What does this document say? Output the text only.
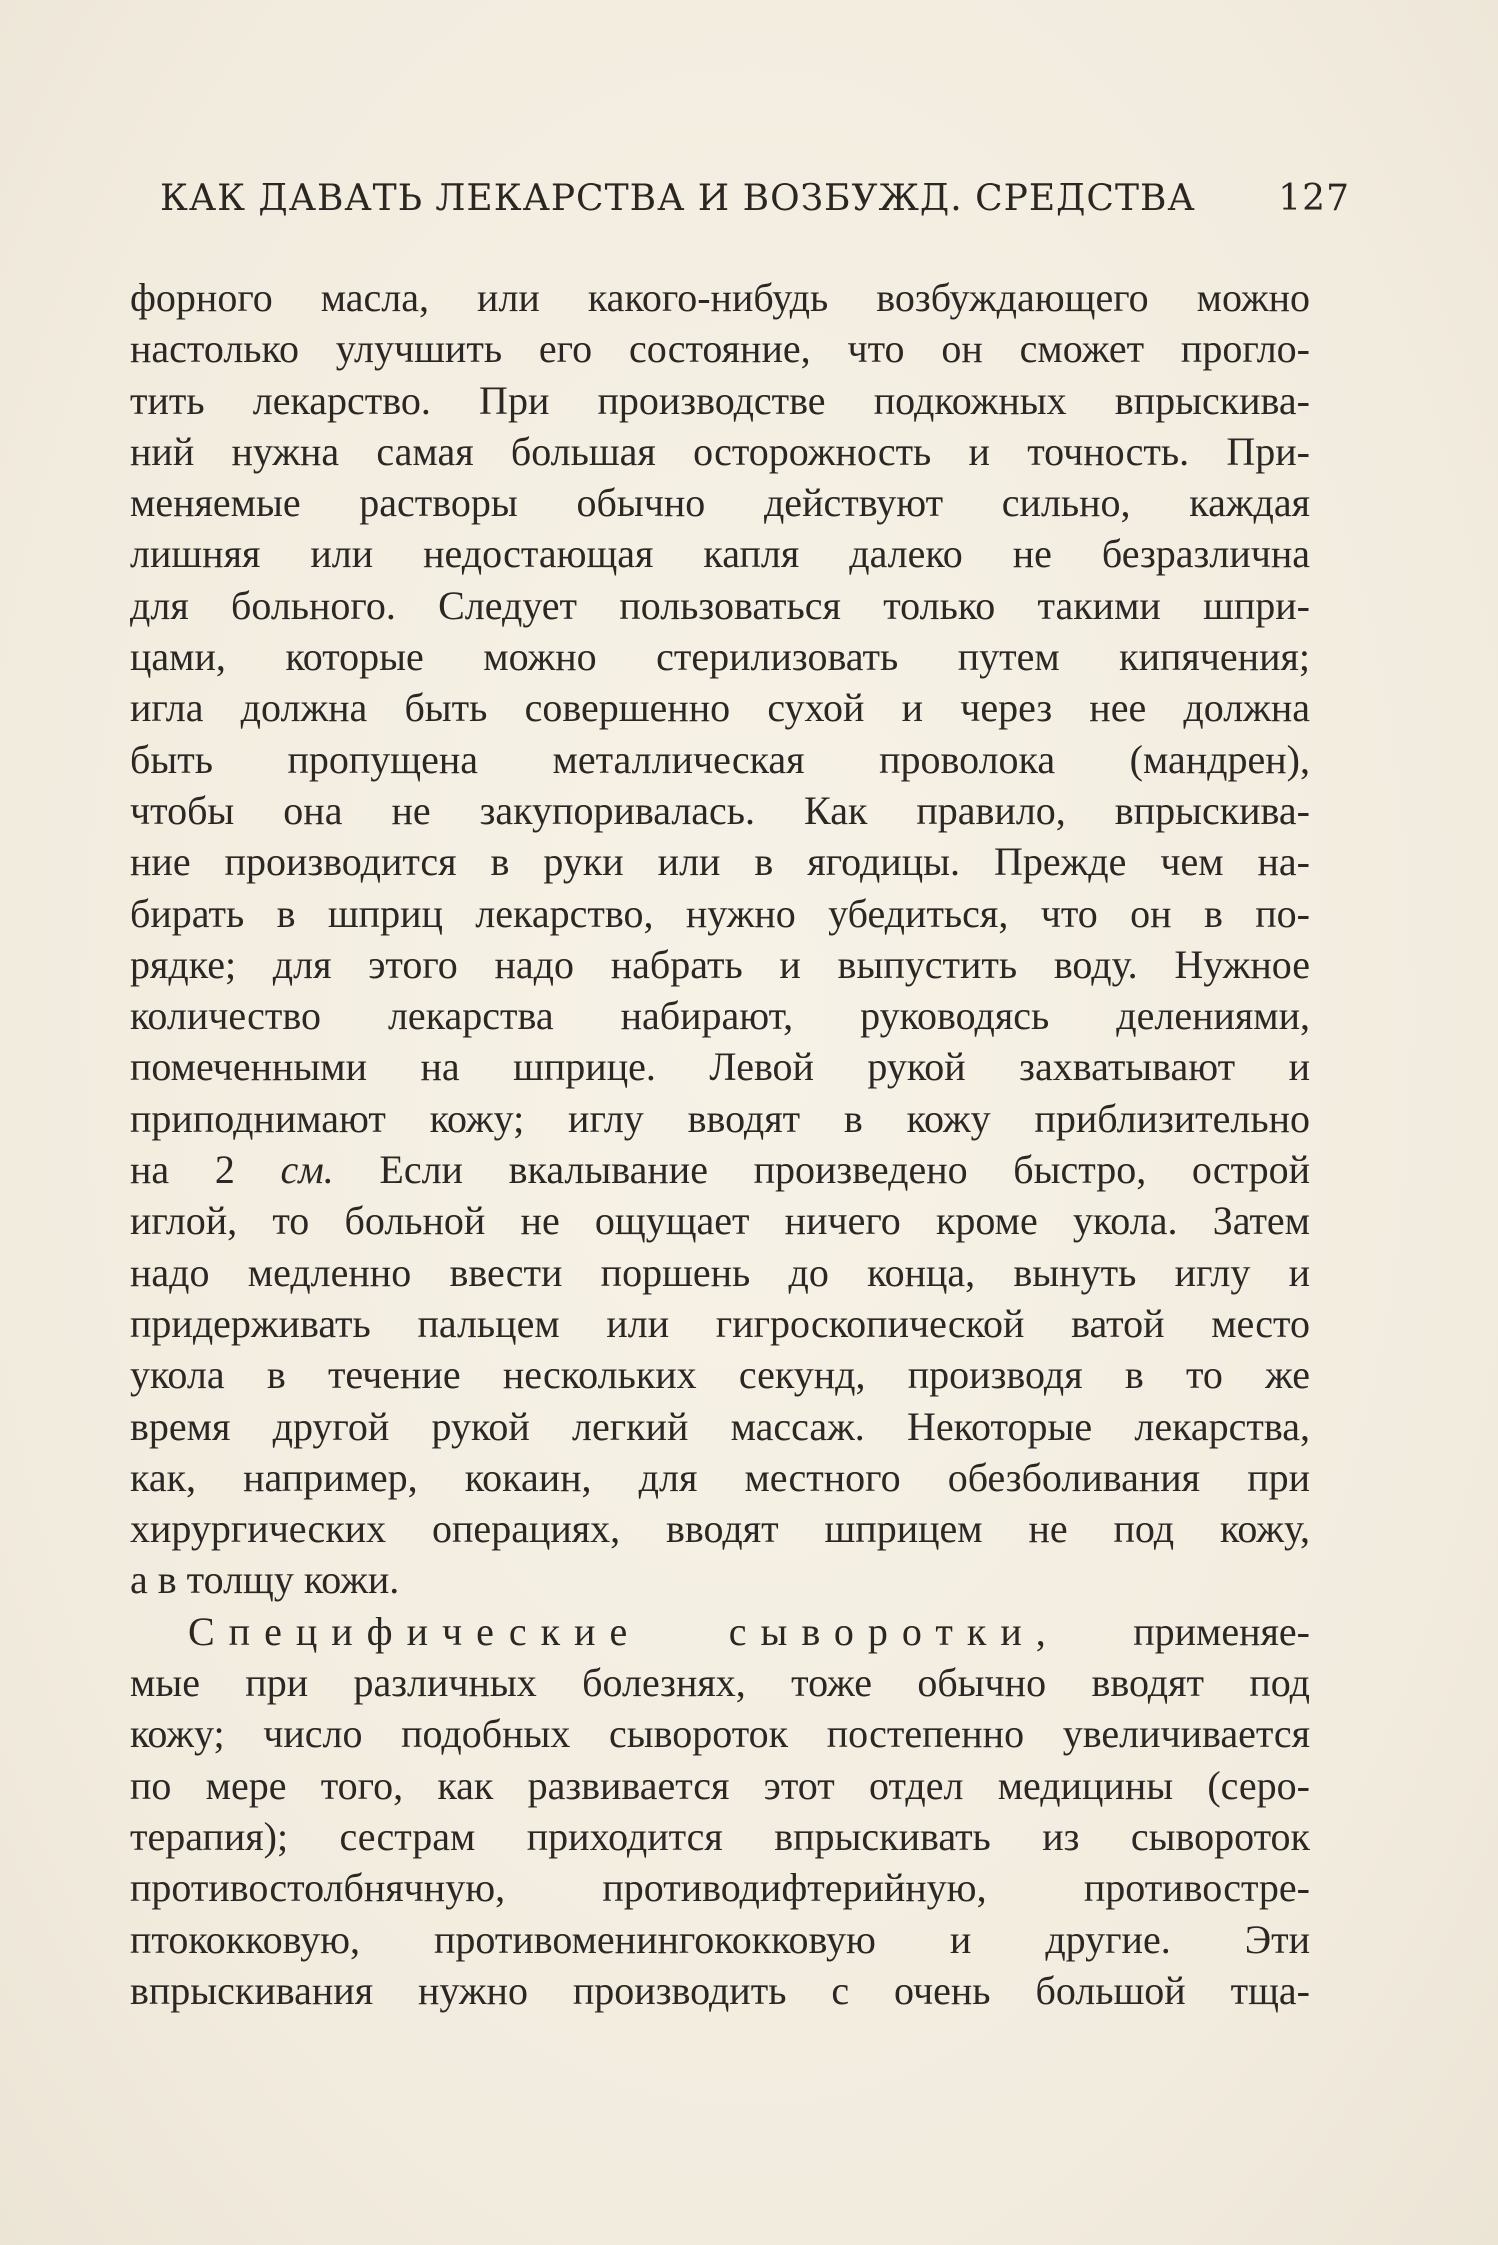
КАК ДАВАТЬ ЛЕКАРСТВА И ВОЗБУЖД. СРЕДСТВА 127
форного масла, или какого-нибудь возбуждающего можно
настолько улучшить его состояние, что он сможет прогло-
тить лекарство. При производстве подкожных впрыскива-
ний нужна самая большая осторожность и точность. При-
меняемые растворы обычно действуют сильно, каждая
лишняя или недостающая капля далеко не безразлична
для больного. Следует пользоваться только такими шпри-
цами, которые можно стерилизовать путем кипячения;
игла должна быть совершенно сухой и через нее должна
быть пропущена металлическая проволока (мандрен),
чтобы она не закупоривалась. Как правило, впрыскива-
ние производится в руки или в ягодицы. Прежде чем на-
бирать в шприц лекарство, нужно убедиться, что он в по-
рядке; для этого надо набрать и выпустить воду. Нужное
количество лекарства набирают, руководясь делениями,
помеченными на шприце. Левой рукой захватывают и
приподнимают кожу; иглу вводят в кожу приблизительно
на 2 см. Если вкалывание произведено быстро, острой
иглой, то больной не ощущает ничего кроме укола. Затем
надо медленно ввести поршень до конца, вынуть иглу и
придерживать пальцем или гигроскопической ватой место
укола в течение нескольких секунд, производя в то же
время другой рукой легкий массаж. Некоторые лекарства,
как, например, кокаин, для местного обезболивания при
хирургических операциях, вводят шприцем не под кожу,
а в толщу кожи.
Специфические сыворотки, применяе-
мые при различных болезнях, тоже обычно вводят под
кожу; число подобных сывороток постепенно увеличивается
по мере того, как развивается этот отдел медицины (серо-
терапия); сестрам приходится впрыскивать из сывороток
противостолбнячную, противодифтерийную, противостре-
птококковую, противоменингококковую и другие. Эти
впрыскивания нужно производить с очень большой тща-
